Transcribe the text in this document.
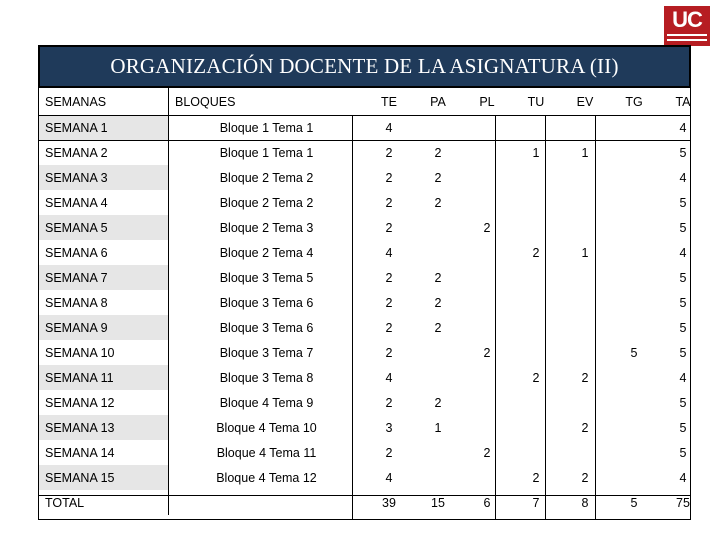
UC
ORGANIZACIÓN DOCENTE DE LA ASIGNATURA (II)
SEMANAS	BLOQUES	TE	PA	PL	TU	EV	TG	TA
SEMANA 1	Bloque 1 Tema 1	4						4
SEMANA 2	Bloque 1 Tema 1	2	2		1	1		5
SEMANA 3	Bloque 2 Tema 2	2	2					4
SEMANA 4	Bloque 2 Tema 2	2	2					5
SEMANA 5	Bloque 2 Tema 3	2		2				5
SEMANA 6	Bloque 2 Tema 4	4			2	1		4
SEMANA 7	Bloque 3 Tema 5	2	2					5
SEMANA 8	Bloque 3 Tema 6	2	2					5
SEMANA 9	Bloque 3 Tema 6	2	2					5
SEMANA 10	Bloque 3 Tema 7	2		2			5	5
SEMANA 11	Bloque 3 Tema 8	4			2	2		4
SEMANA 12	Bloque 4 Tema 9	2	2					5
SEMANA 13	Bloque 4 Tema 10	3	1			2		5
SEMANA 14	Bloque 4 Tema 11	2		2				5
SEMANA 15	Bloque 4 Tema 12	4			2	2		4
TOTAL		39	15	6	7	8	5	75
